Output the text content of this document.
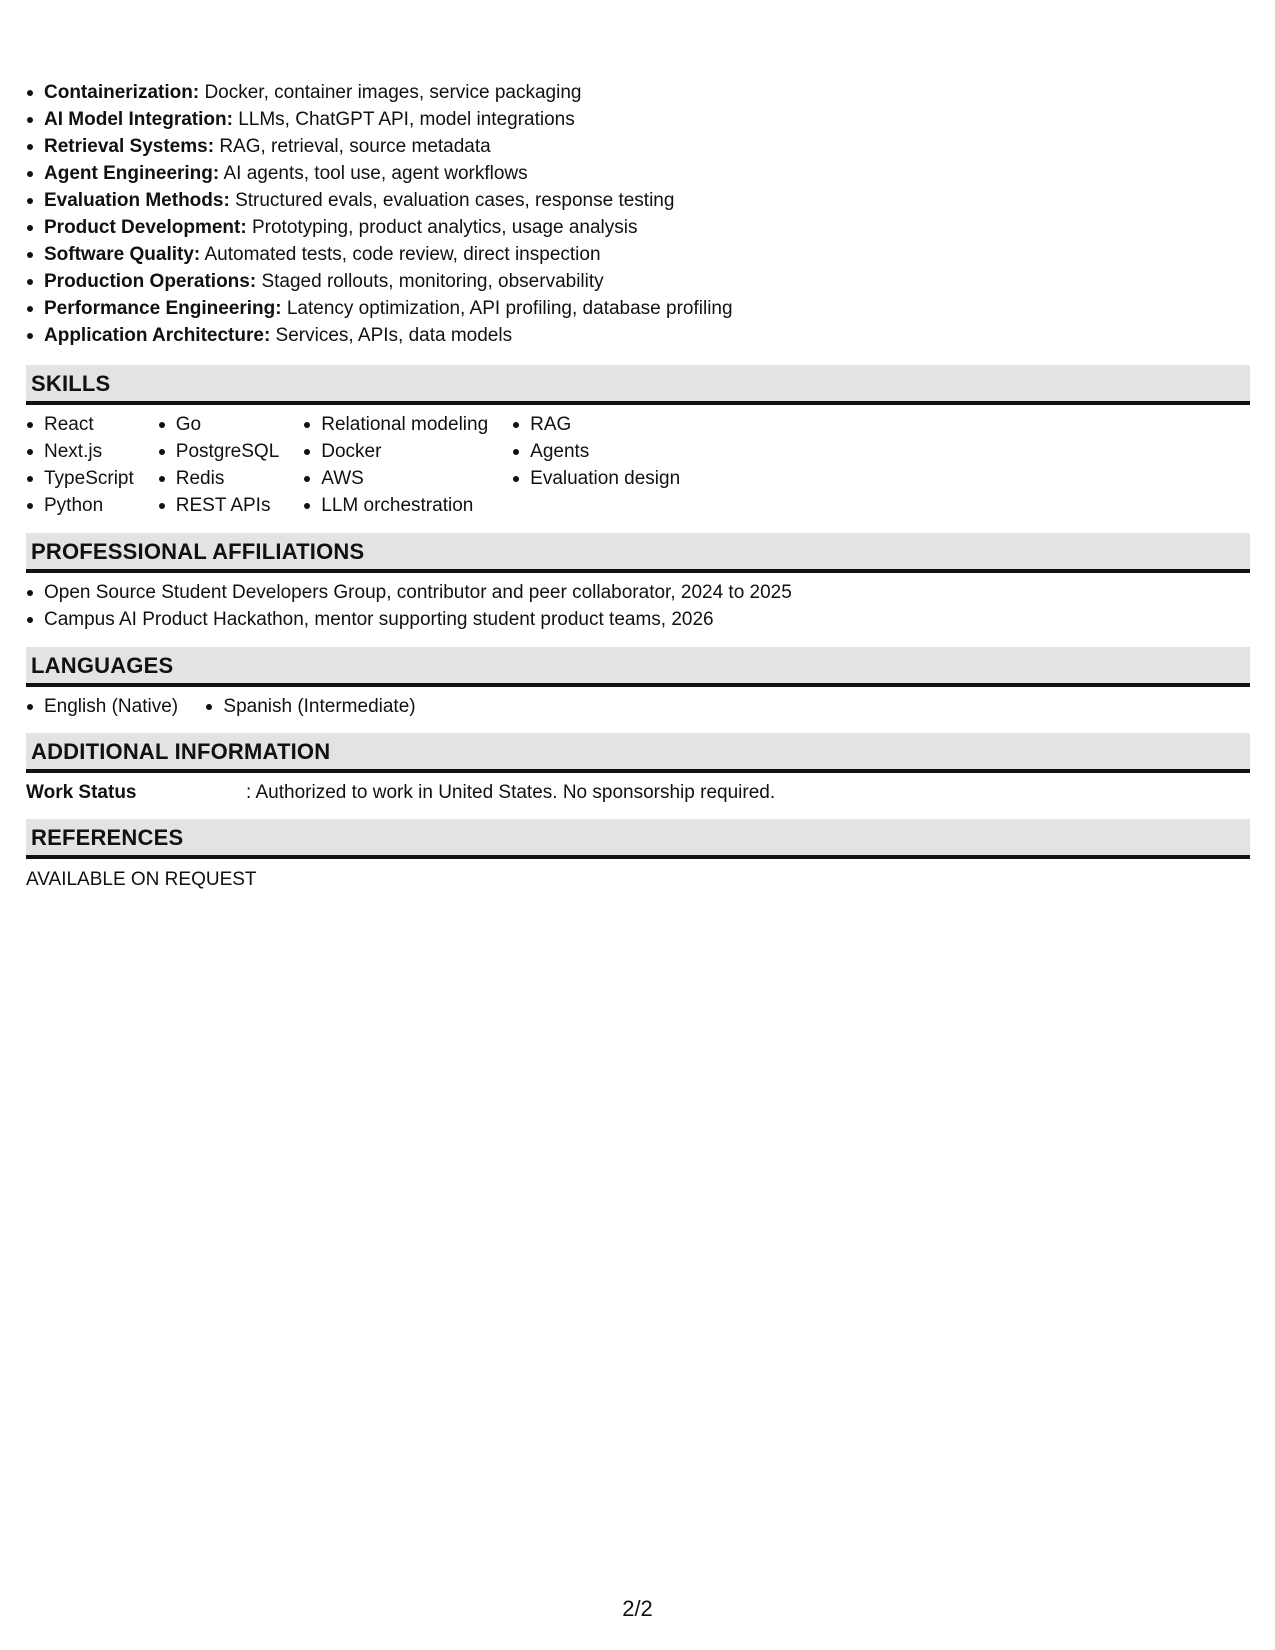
Containerization: Docker, container images, service packaging
AI Model Integration: LLMs, ChatGPT API, model integrations
Retrieval Systems: RAG, retrieval, source metadata
Agent Engineering: AI agents, tool use, agent workflows
Evaluation Methods: Structured evals, evaluation cases, response testing
Product Development: Prototyping, product analytics, usage analysis
Software Quality: Automated tests, code review, direct inspection
Production Operations: Staged rollouts, monitoring, observability
Performance Engineering: Latency optimization, API profiling, database profiling
Application Architecture: Services, APIs, data models
SKILLS
React
Next.js
TypeScript
Python
Go
PostgreSQL
Redis
REST APIs
Relational modeling
Docker
AWS
LLM orchestration
RAG
Agents
Evaluation design
PROFESSIONAL AFFILIATIONS
Open Source Student Developers Group, contributor and peer collaborator, 2024 to 2025
Campus AI Product Hackathon, mentor supporting student product teams, 2026
LANGUAGES
English (Native) Spanish (Intermediate)
ADDITIONAL INFORMATION
Work Status	: Authorized to work in United States. No sponsorship required.
REFERENCES
AVAILABLE ON REQUEST
2/2
